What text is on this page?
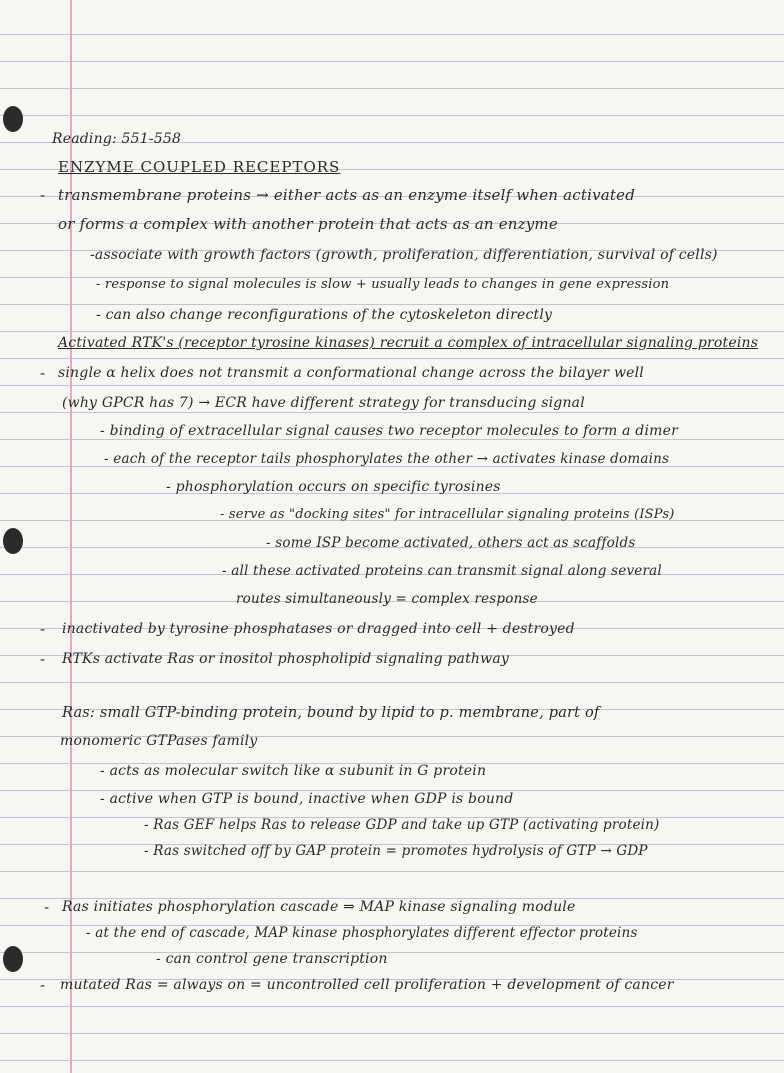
Reading: 551-558
ENZYME COUPLED RECEPTORS
- transmembrane proteins → either acts as an enzyme itself when activated
or forms a complex with another protein that acts as an enzyme
-associate with growth factors (growth, proliferation, differentiation, survival of cells)
- response to signal molecules is slow + usually leads to changes in gene expression
- can also change reconfigurations of the cytoskeleton directly
Activated RTK's (receptor tyrosine kinases) recruit a complex of intracellular signaling proteins
- single α helix does not transmit a conformational change across the bilayer well
(why GPCR has 7) → ECR have different strategy for transducing signal
- binding of extracellular signal causes two receptor molecules to form a dimer
- each of the receptor tails phosphorylates the other → activates kinase domains
- phosphorylation occurs on specific tyrosines
- serve as "docking sites" for intracellular signaling proteins (ISPs)
- some ISP become activated, others act as scaffolds
- all these activated proteins can transmit signal along several
routes simultaneously = complex response
- inactivated by tyrosine phosphatases or dragged into cell + destroyed
- RTKs activate Ras or inositol phospholipid signaling pathway
Ras: small GTP-binding protein, bound by lipid to p. membrane, part of
monomeric GTPases family
- acts as molecular switch like α subunit in G protein
- active when GTP is bound, inactive when GDP is bound
- Ras GEF helps Ras to release GDP and take up GTP (activating protein)
- Ras switched off by GAP protein = promotes hydrolysis of GTP → GDP
- Ras initiates phosphorylation cascade ⇒ MAP kinase signaling module
- at the end of cascade, MAP kinase phosphorylates different effector proteins
- can control gene transcription
- mutated Ras = always on = uncontrolled cell proliferation + development of cancer
